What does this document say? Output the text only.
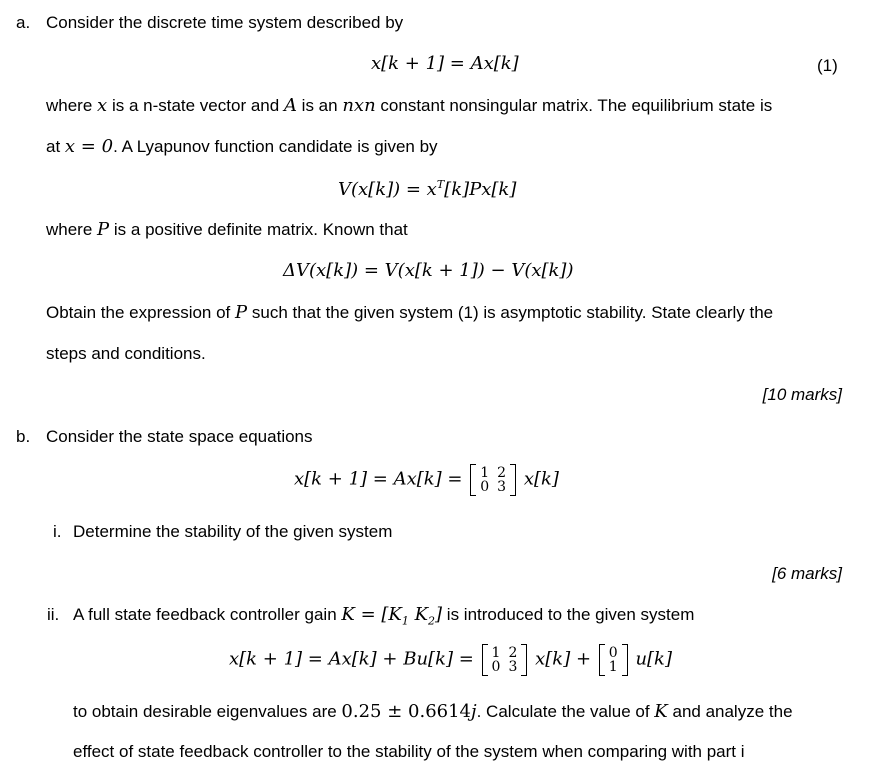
a. Consider the discrete time system described by
x[k + 1] = Ax[k]	(1)
where x is a n-state vector and A is an nxn constant nonsingular matrix. The equilibrium state is
at x = 0. A Lyapunov function candidate is given by
$V(x[k]) = x^T[k]Px[k]$
where P is a positive definite matrix. Known that
ΔV(x[k]) = V(x[k + 1]) − V(x[k])
Obtain the expression of P such that the given system (1) is asymptotic stability. State clearly the
steps and conditions.
[10 marks]
b. Consider the state space equations
x[k + 1] = Ax[k] = 1	2
0	3 x[k]
i. Determine the stability of the given system
[6 marks]
ii. A full state feedback controller gain $K = [K_1$ $K_2$] is introduced to the given system
x[k + 1] = Ax[k] + Bu[k] = 1	2
0	3 x[k] + 0
1 u[k]
to obtain desirable eigenvalues are 0.25 ± 0.6614j. Calculate the value of K and analyze the
effect of state feedback controller to the stability of the system when comparing with part i
